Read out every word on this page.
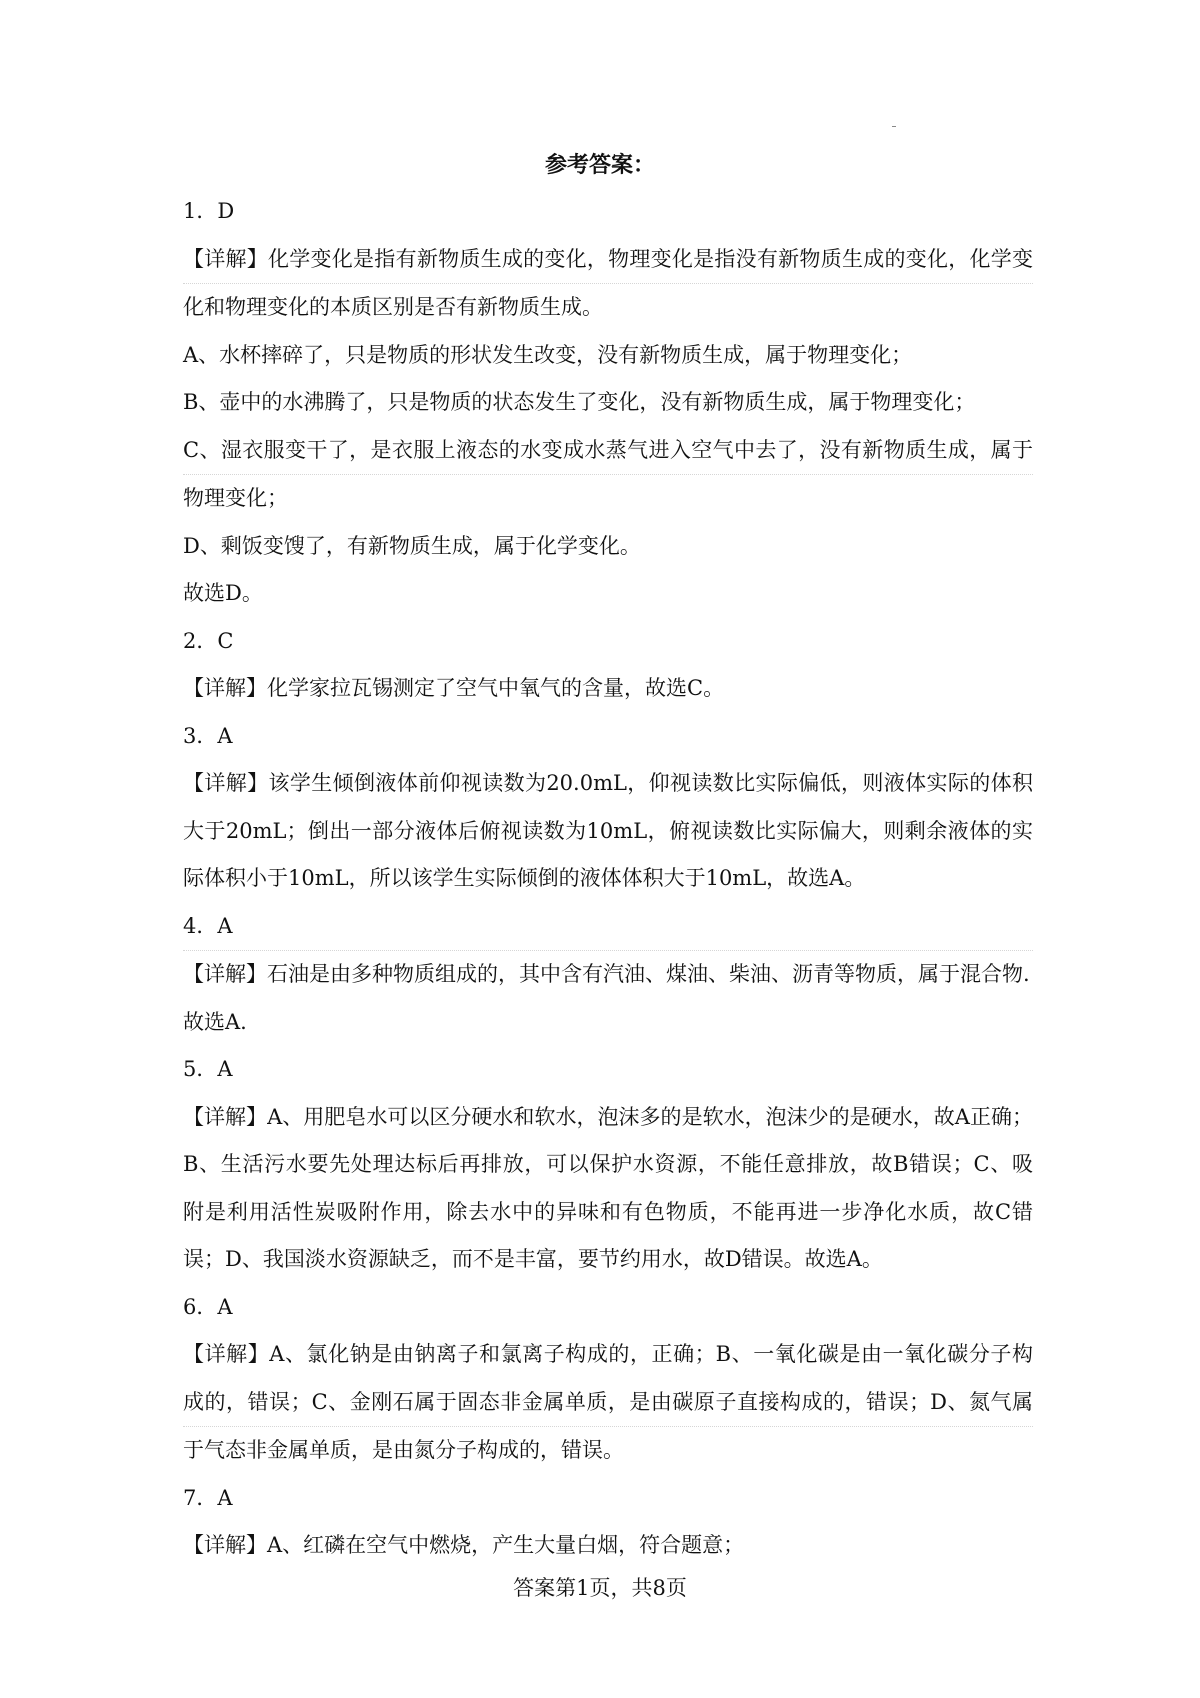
参考答案：
1．D
【详解】化学变化是指有新物质生成的变化，物理变化是指没有新物质生成的变化，化学变
化和物理变化的本质区别是否有新物质生成。
A、水杯摔碎了，只是物质的形状发生改变，没有新物质生成，属于物理变化；
B、壶中的水沸腾了，只是物质的状态发生了变化，没有新物质生成，属于物理变化；
C、湿衣服变干了，是衣服上液态的水变成水蒸气进入空气中去了，没有新物质生成，属于
物理变化；
D、剩饭变馊了，有新物质生成，属于化学变化。
故选D。
2．C
【详解】化学家拉瓦锡测定了空气中氧气的含量，故选C。
3．A
【详解】该学生倾倒液体前仰视读数为20.0mL，仰视读数比实际偏低，则液体实际的体积
大于20mL；倒出一部分液体后俯视读数为10mL，俯视读数比实际偏大，则剩余液体的实
际体积小于10mL，所以该学生实际倾倒的液体体积大于10mL，故选A。
4．A
【详解】石油是由多种物质组成的，其中含有汽油、煤油、柴油、沥青等物质，属于混合物.
故选A.
5．A
【详解】A、用肥皂水可以区分硬水和软水，泡沫多的是软水，泡沫少的是硬水，故A正确；
B、生活污水要先处理达标后再排放，可以保护水资源，不能任意排放，故B错误；C、吸
附是利用活性炭吸附作用，除去水中的异味和有色物质，不能再进一步净化水质，故C错
误；D、我国淡水资源缺乏，而不是丰富，要节约用水，故D错误。故选A。
6．A
【详解】A、氯化钠是由钠离子和氯离子构成的，正确；B、一氧化碳是由一氧化碳分子构
成的，错误；C、金刚石属于固态非金属单质，是由碳原子直接构成的，错误；D、氮气属
于气态非金属单质，是由氮分子构成的，错误。
7．A
【详解】A、红磷在空气中燃烧，产生大量白烟，符合题意；
答案第1页，共8页
